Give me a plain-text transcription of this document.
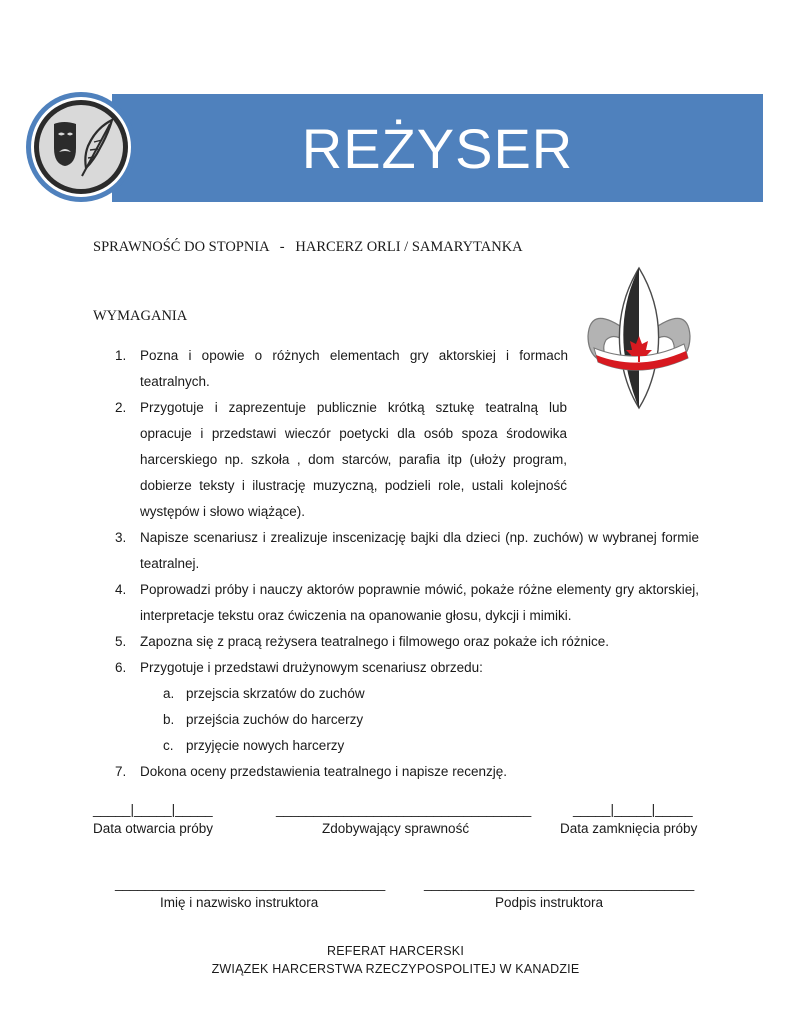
REŻYSER
SPRAWNOŚĆ DO STOPNIA   -   HARCERZ ORLI / SAMARYTANKA
WYMAGANIA
1. Pozna i opowie o różnych elementach gry aktorskiej i formach teatralnych.
2. Przygotuje i zaprezentuje publicznie krótką sztukę teatralną lub opracuje i przedstawi wieczór poetycki dla osób spoza środowika harcerskiego np. szkoła , dom starców, parafia itp (ułoży program, dobierze teksty i ilustrację muzyczną, podzieli role, ustali kolejność występów i słowo wiążące).
3. Napisze scenariusz i zrealizuje inscenizację bajki dla dzieci (np. zuchów) w wybranej formie teatralnej.
4. Poprowadzi próby i nauczy aktorów poprawnie mówić, pokaże różne elementy gry aktorskiej, interpretacje tekstu oraz ćwiczenia na opanowanie głosu, dykcji i mimiki.
5. Zapozna się z pracą reżysera teatralnego i filmowego oraz pokaże ich różnice.
6. Przygotuje i przedstawi drużynowym scenariusz obrzedu:
a. przejscia skrzatów do zuchów
b. przejścia zuchów do harcerzy
c. przyjęcie nowych harcerzy
7. Dokona oceny przedstawienia teatralnego i napisze recenzję.
_____|_____|_____	__________________________________	_____|_____|_____
Data otwarcia próby	Zdobywający sprawność	Data zamknięcia próby
____________________________________	____________________________________
Imię i nazwisko instruktora	Podpis instruktora
REFERAT HARCERSKI
ZWIĄZEK HARCERSTWA RZECZYPOSPOLITEJ W KANADZIE
